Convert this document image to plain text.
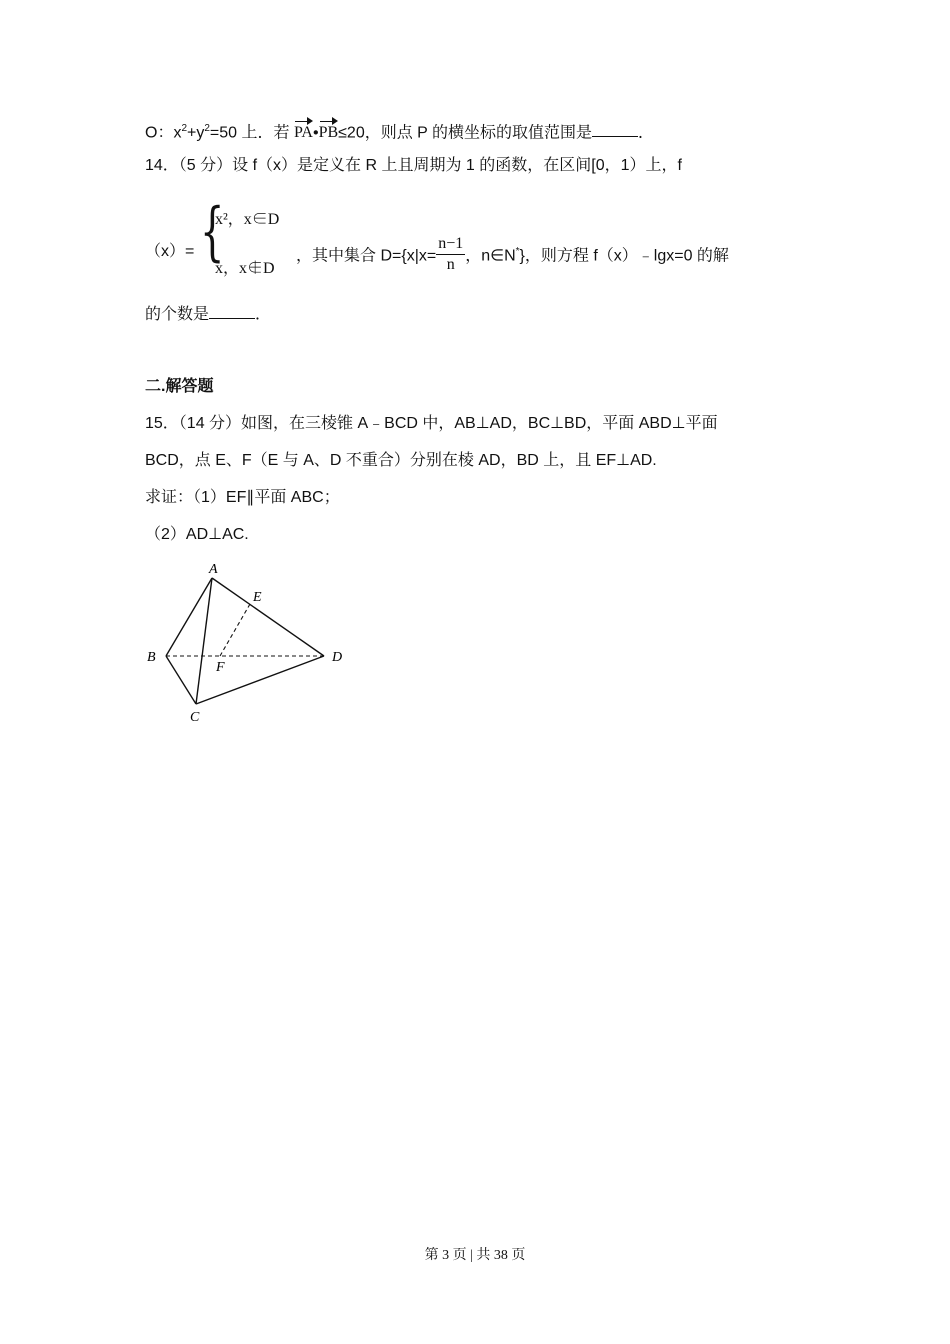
O：$x^2+y^2=50$ 上．若 PA•PB≤20，则点 P 的横坐标的取值范围是	．
14．（5 分）设 f（x）是定义在 R 上且周期为 1 的函数，在区间[0，1）上，f
（x）= {
x²，x∈D
x，x∉D
，其中集合 $D=\{x|x= \frac{n-1}{n}$ ，n∈N*}，则方程 f（x）﹣lgx=0 的解
的个数是	．
二.解答题
15．（14 分）如图，在三棱锥 A﹣BCD 中，AB⊥AD，BC⊥BD，平面 ABD⊥平面
BCD，点 E、F（E 与 A、D 不重合）分别在棱 AD，BD 上，且 EF⊥AD.
求证：（1）EF∥平面 ABC；
（2）AD⊥AC.
A
B
C
D
E
F
第 3 页 | 共 38 页
